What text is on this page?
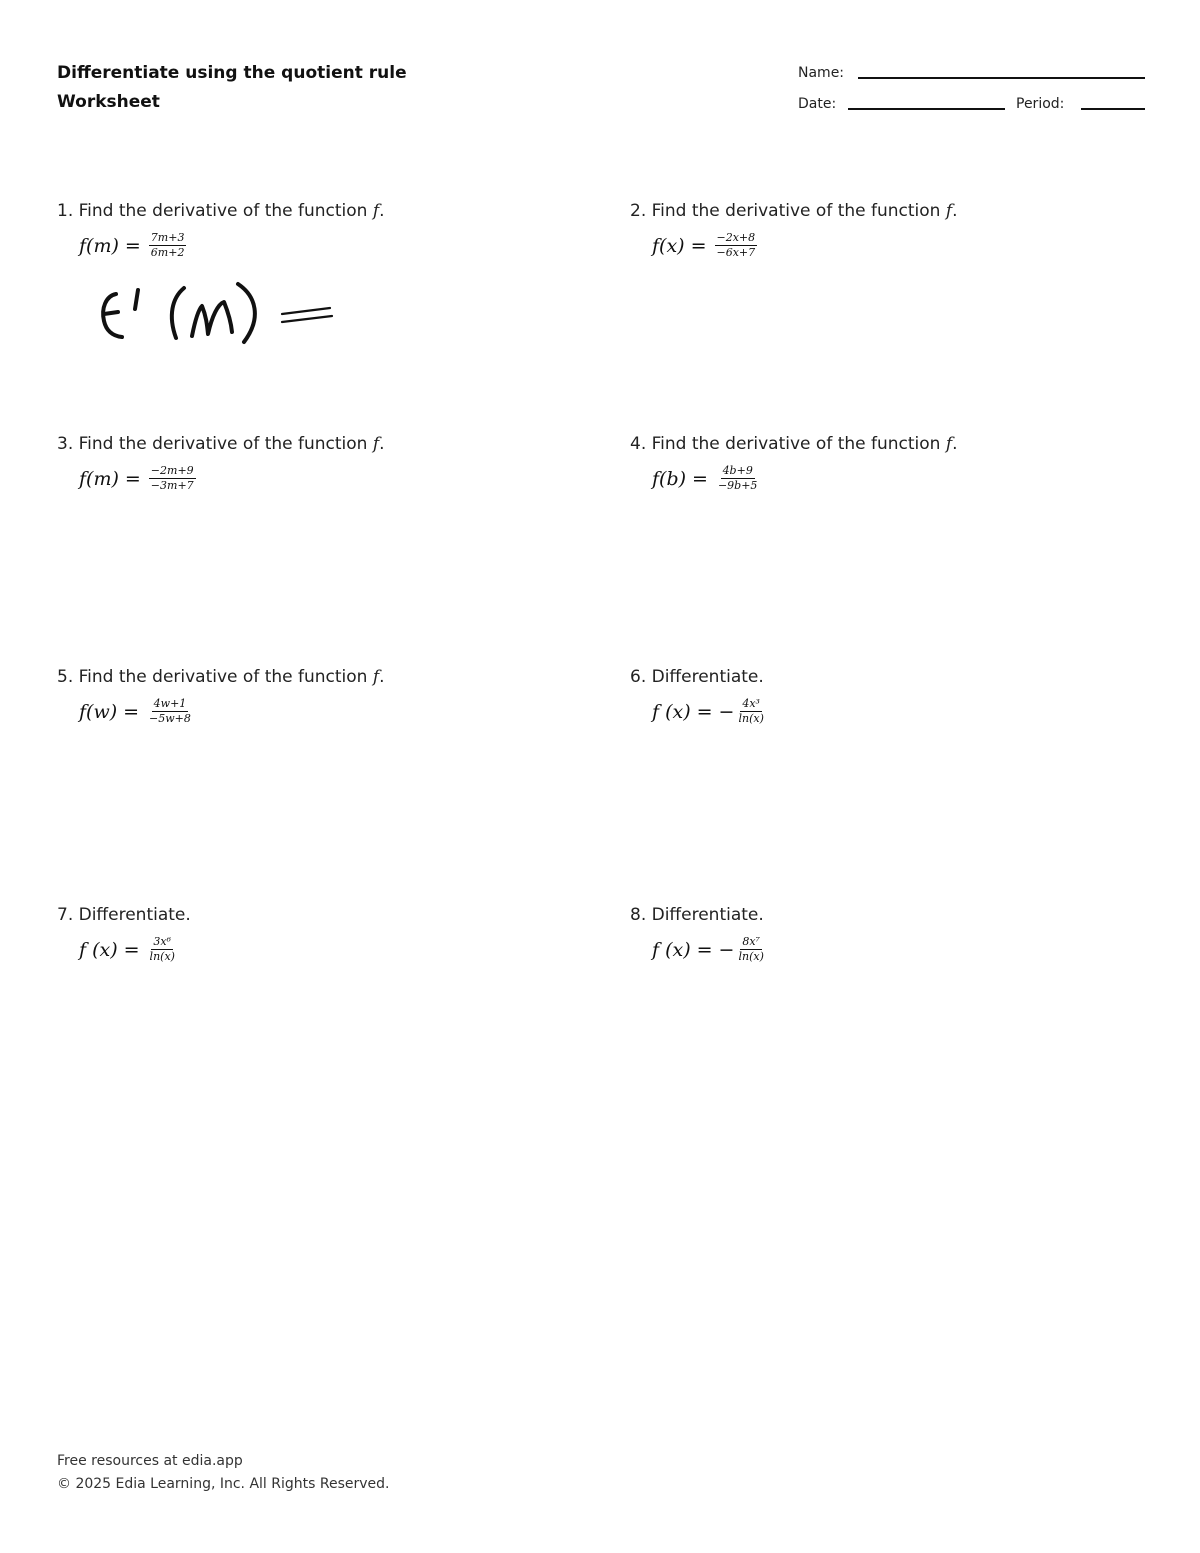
Differentiate using the quotient rule
Worksheet
Name:
Date:	Period:
1. Find the derivative of the function f.
$f(m) = \frac{7m+3}{6m+2}$
2. Find the derivative of the function f.
$f(x) = \frac{-2x+8}{-6x+7}$
3. Find the derivative of the function f.
$f(m) = \frac{-2m+9}{-3m+7}$
4. Find the derivative of the function f.
$f(b) = \frac{4b+9}{-9b+5}$
5. Find the derivative of the function f.
$f(w) = \frac{4w+1}{-5w+8}$
6. Differentiate.
f (x) = − $\frac{\text{4x³}}{\ln(x)}$
7. Differentiate.
f $(x) = \frac{\text{3x⁶}}{\ln(x)}$
8. Differentiate.
f (x) = − $\frac{\text{8x⁷}}{\ln(x)}$
Free resources at edia.app
© 2025 Edia Learning, Inc. All Rights Reserved.
